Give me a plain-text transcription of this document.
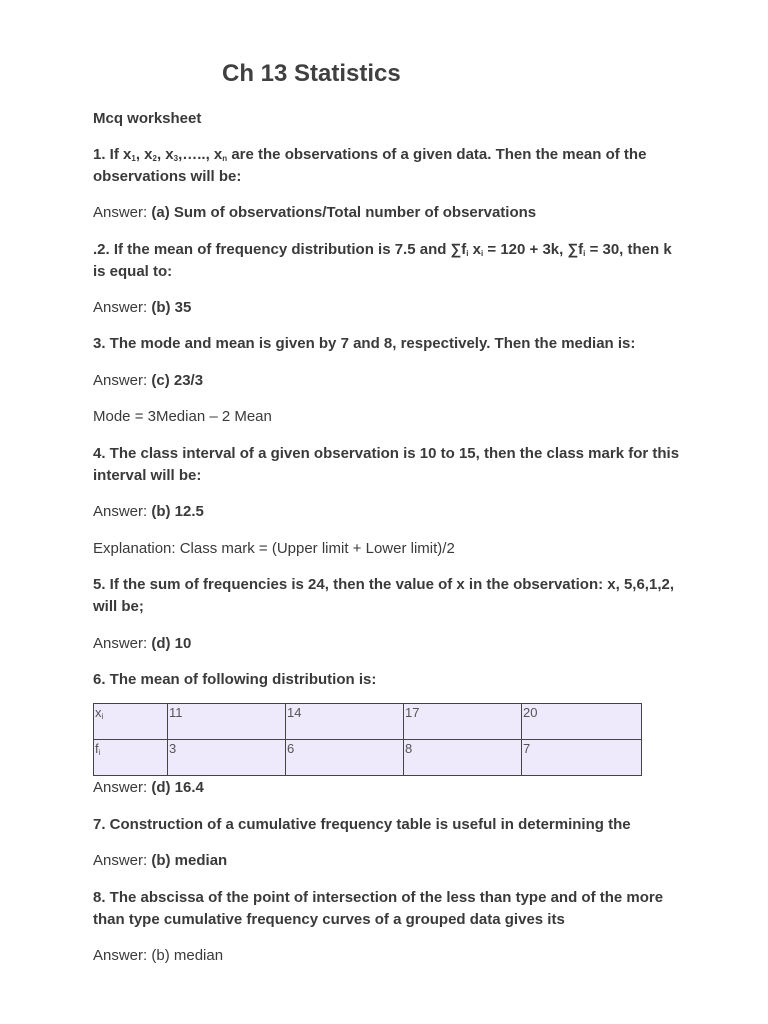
Ch 13 Statistics
Mcq worksheet
1. If $x_1$, $x_2$, $x_3,\dots$.., $x_n$ are the observations of a given data. Then the mean of the observations will be:
Answer: (a) Sum of observations/Total number of observations
.2. If the mean of frequency distribution is 7.5 and $\sum f_i$ $x_i = 120 + 3k$, $\sum f_i = 30$, then k is equal to:
Answer: (b) 35
3. The mode and mean is given by 7 and 8, respectively. Then the median is:
Answer: (c) 23/3
Mode = 3Median – 2 Mean
4. The class interval of a given observation is 10 to 15, then the class mark for this interval will be:
Answer: (b) 12.5
Explanation: Class mark = (Upper limit + Lower limit)/2
5. If the sum of frequencies is 24, then the value of x in the observation: x, 5,6,1,2, will be;
Answer: (d) 10
6. The mean of following distribution is:
$x_i$	11	14	17	20
$f_i$	3	6	8	7
Answer: (d) 16.4
7. Construction of a cumulative frequency table is useful in determining the
Answer: (b) median
8. The abscissa of the point of intersection of the less than type and of the more than type cumulative frequency curves of a grouped data gives its
Answer: (b) median
